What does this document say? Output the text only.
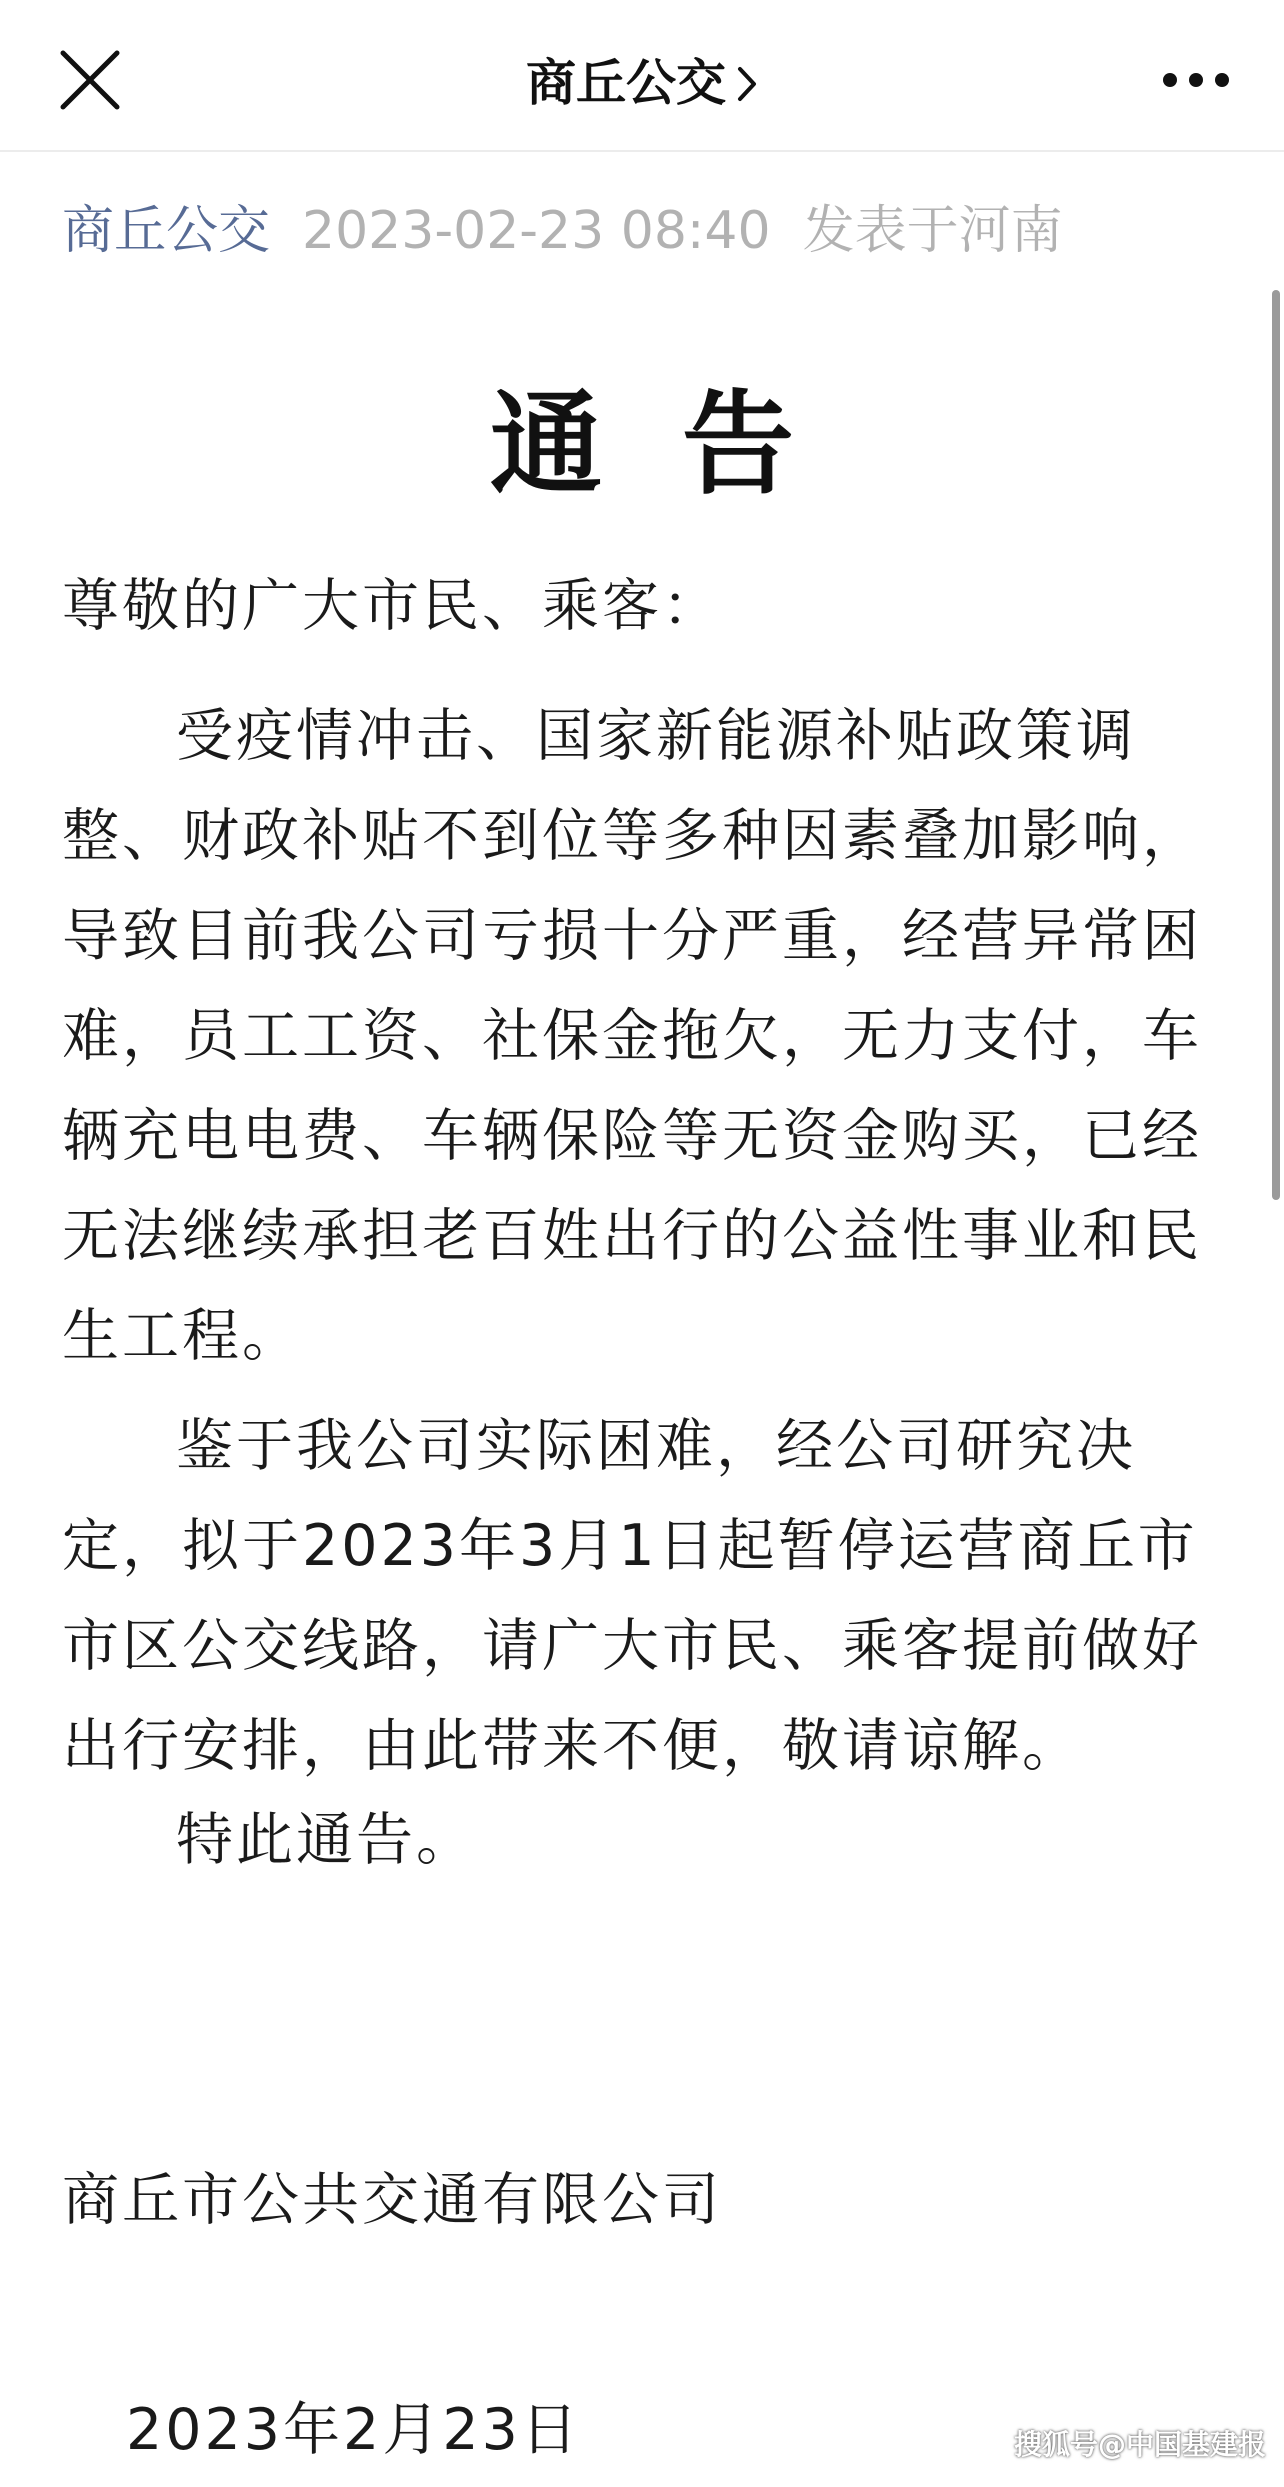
商丘公交
商丘公交 2023-02-23 08:40 发表于河南
通告
尊敬的广大市民、乘客：
受疫情冲击、国家新能源补贴政策调整、财政补贴不到位等多种因素叠加影响，导致目前我公司亏损十分严重，经营异常困难，员工工资、社保金拖欠，无力支付，车辆充电电费、车辆保险等无资金购买，已经无法继续承担老百姓出行的公益性事业和民生工程。
鉴于我公司实际困难，经公司研究决定，拟于2023年3月1日起暂停运营商丘市市区公交线路，请广大市民、乘客提前做好出行安排，由此带来不便，敬请谅解。
特此通告。
商丘市公共交通有限公司
2023年2月23日	搜狐号@中国基建报
